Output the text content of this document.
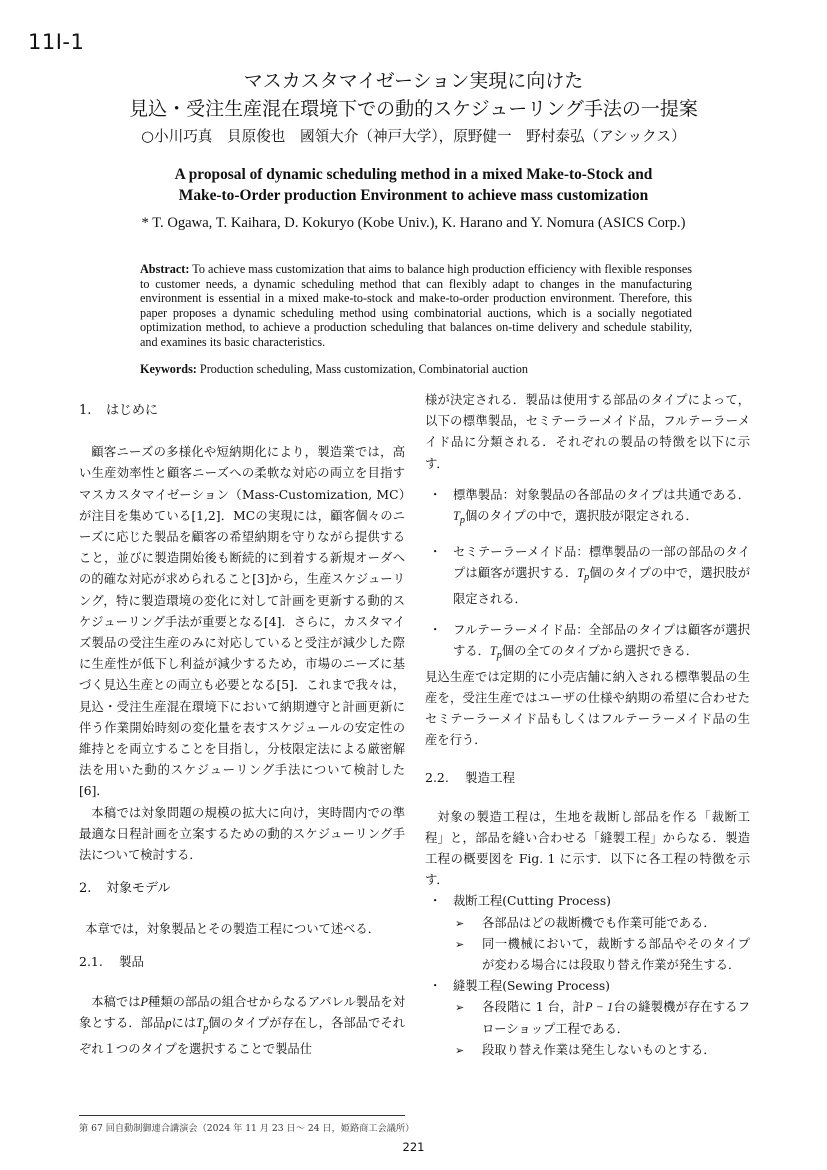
11I-1
マスカスタマイゼーション実現に向けた
見込・受注生産混在環境下での動的スケジューリング手法の一提案
○小川巧真　貝原俊也　國領大介（神戸大学），原野健一　野村泰弘（アシックス）
A proposal of dynamic scheduling method in a mixed Make-to-Stock and
Make-to-Order production Environment to achieve mass customization
* T. Ogawa, T. Kaihara, D. Kokuryo (Kobe Univ.), K. Harano and Y. Nomura (ASICS Corp.)
Abstract: To achieve mass customization that aims to balance high production efficiency with flexible responses to customer needs, a dynamic scheduling method that can flexibly adapt to changes in the manufacturing environment is essential in a mixed make-to-stock and make-to-order production environment. Therefore, this paper proposes a dynamic scheduling method using combinatorial auctions, which is a socially negotiated optimization method, to achieve a production scheduling that balances on-time delivery and schedule stability, and examines its basic characteristics.
Keywords: Production scheduling, Mass customization, Combinatorial auction
1. はじめに

顧客ニーズの多様化や短納期化により，製造業では，高い生産効率性と顧客ニーズへの柔軟な対応の両立を目指すマスカスタマイゼーション（Mass-Customization, MC）が注目を集めている[1,2]．MCの実現には，顧客個々のニーズに応じた製品を顧客の希望納期を守りながら提供すること，並びに製造開始後も断続的に到着する新規オーダへの的確な対応が求められること[3]から，生産スケジューリング，特に製造環境の変化に対して計画を更新する動的スケジューリング手法が重要となる[4]．さらに，カスタマイズ製品の受注生産のみに対応していると受注が減少した際に生産性が低下し利益が減少するため，市場のニーズに基づく見込生産との両立も必要となる[5]．これまで我々は，見込・受注生産混在環境下において納期遵守と計画更新に伴う作業開始時刻の変化量を表すスケジュールの安定性の維持とを両立することを目指し，分枝限定法による厳密解法を用いた動的スケジューリング手法について検討した[6]．

本稿では対象問題の規模の拡大に向け，実時間内での準最適な日程計画を立案するための動的スケジューリング手法について検討する．

2. 対象モデル

本章では，対象製品とその製造工程について述べる．

2.1. 製品

本稿ではP種類の部品の組合せからなるアパレル製品を対象とする．部品pには$T_p$個のタイプが存在し，各部品でそれぞれ１つのタイプを選択することで製品仕

様が決定される．製品は使用する部品のタイプによって，以下の標準製品，セミテーラーメイド品，フルテーラーメイド品に分類される．それぞれの製品の特徴を以下に示す．

・ 標準製品：対象製品の各部品のタイプは共通である．$T_p$個のタイプの中で，選択肢が限定される．
・ セミテーラーメイド品：標準製品の一部の部品のタイプは顧客が選択する．$T_p$個のタイプの中で，選択肢が限定される．
・ フルテーラーメイド品：全部品のタイプは顧客が選択する．$T_p$個の全てのタイプから選択できる．

見込生産では定期的に小売店舗に納入される標準製品の生産を，受注生産ではユーザの仕様や納期の希望に合わせたセミテーラーメイド品もしくはフルテーラーメイド品の生産を行う．

2.2. 製造工程

対象の製造工程は，生地を裁断し部品を作る「裁断工程」と，部品を縫い合わせる「縫製工程」からなる．製造工程の概要図を Fig. 1 に示す．以下に各工程の特徴を示す．

・ 裁断工程(Cutting Process)
➢ 各部品はどの裁断機でも作業可能である．
➢ 同一機械において，裁断する部品やそのタイプが変わる場合には段取り替え作業が発生する．
・ 縫製工程(Sewing Process)
➢ 各段階に 1 台，計P − 1台の縫製機が存在するフローショップ工程である．
➢ 段取り替え作業は発生しないものとする．
第 67 回自動制御連合講演会（2024 年 11 月 23 日～ 24 日，姫路商工会議所）
221
